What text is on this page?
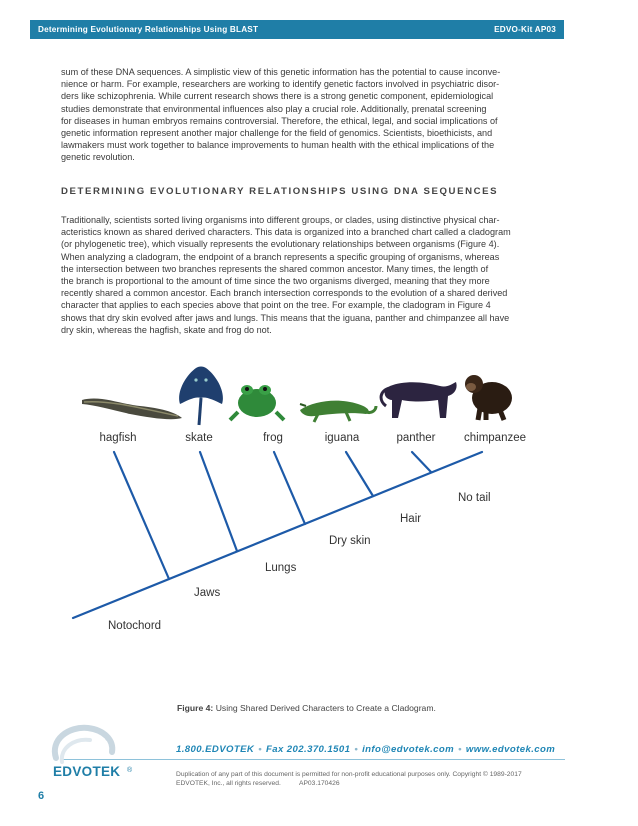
Determining Evolutionary Relationships Using BLAST	EDVO-Kit AP03

sum of these DNA sequences. A simplistic view of this genetic information has the potential to cause inconve-
nience or harm. For example, researchers are working to identify genetic factors involved in psychiatric disor-
ders like schizophrenia. While current research shows there is a strong genetic component, epidemiological
studies demonstrate that environmental influences also play a crucial role. Additionally, prenatal screening
for diseases in human embryos remains controversial. Therefore, the ethical, legal, and social implications of
genetic information represent another major challenge for the field of genomics. Scientists, bioethicists, and
lawmakers must work together to balance improvements to human health with the ethical implications of the
genetic revolution.

DETERMINING EVOLUTIONARY RELATIONSHIPS USING DNA SEQUENCES

Traditionally, scientists sorted living organisms into different groups, or clades, using distinctive physical char-
acteristics known as shared derived characters. This data is organized into a branched chart called a cladogram
(or phylogenetic tree), which visually represents the evolutionary relationships between organisms (Figure 4).
When analyzing a cladogram, the endpoint of a branch represents a specific grouping of organisms, whereas
the intersection between two branches represents the shared common ancestor. Many times, the length of
the branch is proportional to the amount of time since the two organisms diverged, meaning that they more
recently shared a common ancestor. Each branch intersection corresponds to the evolution of a shared derived
character that applies to each species above that point on the tree. For example, the cladogram in Figure 4
shows that dry skin evolved after jaws and lungs. This means that the iguana, panther and chimpanzee all have
dry skin, whereas the hagfish, skate and frog do not.

hagfish	skate	frog	iguana	panther chimpanzee
Notochord
Jaws
Lungs
Dry skin
Hair
No tail
Figure 4: Using Shared Derived Characters to Create a Cladogram.
1.800.EDVOTEK • Fax 202.370.1501 • info@edvotek.com • www.edvotek.com
Duplication of any part of this document is permitted for non-profit educational purposes only. Copyright © 1989-2017
EDVOTEK, Inc., all rights reserved.          AP03.170426
EDVOTEK ®
6
